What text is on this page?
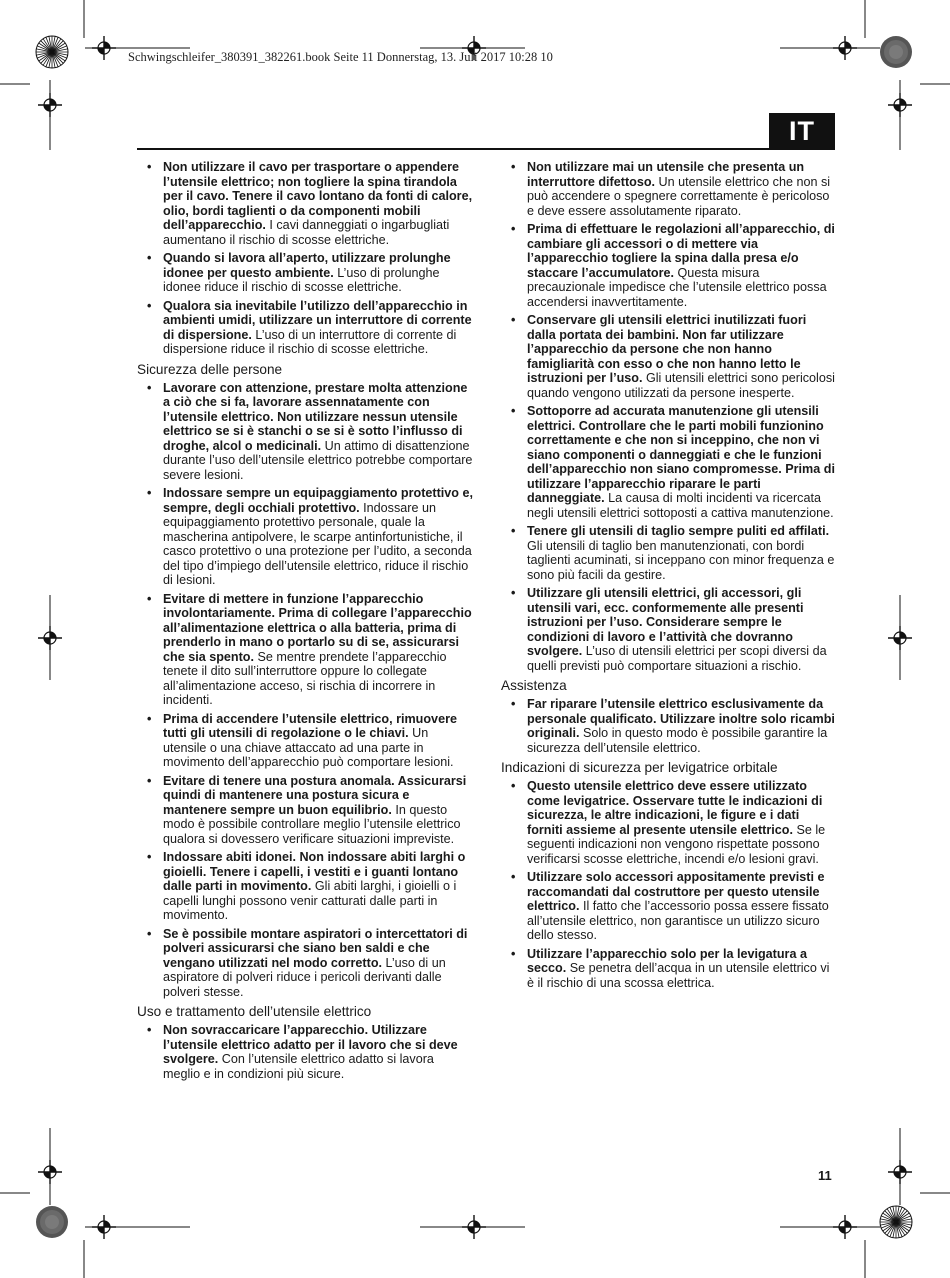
Schwingschleifer_380391_382261.book Seite 11 Donnerstag, 13. Juli 2017 10:28 10
IT
• Non utilizzare il cavo per trasportare o appendere l’utensile elettrico; non togliere la spina tirandola per il cavo. Tenere il cavo lontano da fonti di calore, olio, bordi taglienti o da componenti mobili dell’apparecchio. I cavi danneggiati o ingarbugliati aumentano il rischio di scosse elettriche.
• Quando si lavora all’aperto, utilizzare prolunghe idonee per questo ambiente. L’uso di prolunghe idonee riduce il rischio di scosse elettriche.
• Qualora sia inevitabile l’utilizzo dell’apparecchio in ambienti umidi, utilizzare un interruttore di corrente di dispersione. L’uso di un interruttore di corrente di dispersione riduce il rischio di scosse elettriche.
Sicurezza delle persone
• Lavorare con attenzione, prestare molta attenzione a ciò che si fa, lavorare assennatamente con l’utensile elettrico. Non utilizzare nessun utensile elettrico se si è stanchi o se si è sotto l’influsso di droghe, alcol o medicinali. Un attimo di disattenzione durante l’uso dell’utensile elettrico potrebbe comportare severe lesioni.
• Indossare sempre un equipaggiamento protettivo e, sempre, degli occhiali protettivo. Indossare un equipaggiamento protettivo personale, quale la mascherina antipolvere, le scarpe antinfortunistiche, il casco protettivo o una protezione per l’udito, a seconda del tipo d’impiego dell’utensile elettrico, riduce il rischio di lesioni.
• Evitare di mettere in funzione l’apparecchio involontariamente. Prima di collegare l’apparecchio all’alimentazione elettrica o alla batteria, prima di prenderlo in mano o portarlo su di se, assicurarsi che sia spento. Se mentre prendete l’apparecchio tenete il dito sull’interruttore oppure lo collegate all’alimentazione acceso, si rischia di incorrere in incidenti.
• Prima di accendere l’utensile elettrico, rimuovere tutti gli utensili di regolazione o le chiavi. Un utensile o una chiave attaccato ad una parte in movimento dell’apparecchio può comportare lesioni.
• Evitare di tenere una postura anomala. Assicurarsi quindi di mantenere una postura sicura e mantenere sempre un buon equilibrio. In questo modo è possibile controllare meglio l’utensile elettrico qualora si dovessero verificare situazioni impreviste.
• Indossare abiti idonei. Non indossare abiti larghi o gioielli. Tenere i capelli, i vestiti e i guanti lontano dalle parti in movimento. Gli abiti larghi, i gioielli o i capelli lunghi possono venir catturati dalle parti in movimento.
• Se è possibile montare aspiratori o intercettatori di polveri assicurarsi che siano ben saldi e che vengano utilizzati nel modo corretto. L’uso di un aspiratore di polveri riduce i pericoli derivanti dalle polveri stesse.
Uso e trattamento dell’utensile elettrico
• Non sovraccaricare l’apparecchio. Utilizzare l’utensile elettrico adatto per il lavoro che si deve svolgere. Con l’utensile elettrico adatto si lavora meglio e in condizioni più sicure.
• Non utilizzare mai un utensile che presenta un interruttore difettoso. Un utensile elettrico che non si può accendere o spegnere correttamente è pericoloso e deve essere assolutamente riparato.
• Prima di effettuare le regolazioni all’apparecchio, di cambiare gli accessori o di mettere via l’apparecchio togliere la spina dalla presa e/o staccare l’accumulatore. Questa misura precauzionale impedisce che l’utensile elettrico possa accendersi inavvertitamente.
• Conservare gli utensili elettrici inutilizzati fuori dalla portata dei bambini. Non far utilizzare l’apparecchio da persone che non hanno famigliarità con esso o che non hanno letto le istruzioni per l’uso. Gli utensili elettrici sono pericolosi quando vengono utilizzati da persone inesperte.
• Sottoporre ad accurata manutenzione gli utensili elettrici. Controllare che le parti mobili funzionino correttamente e che non si inceppino, che non vi siano componenti o danneggiati e che le funzioni dell’apparecchio non siano compromesse. Prima di utilizzare l’apparecchio riparare le parti danneggiate. La causa di molti incidenti va ricercata negli utensili elettrici sottoposti a cattiva manutenzione.
• Tenere gli utensili di taglio sempre puliti ed affilati. Gli utensili di taglio ben manutenzionati, con bordi taglienti acuminati, si inceppano con minor frequenza e sono più facili da gestire.
• Utilizzare gli utensili elettrici, gli accessori, gli utensili vari, ecc. conformemente alle presenti istruzioni per l’uso. Considerare sempre le condizioni di lavoro e l’attività che dovranno svolgere. L’uso di utensili elettrici per scopi diversi da quelli previsti può comportare situazioni a rischio.
Assistenza
• Far riparare l’utensile elettrico esclusivamente da personale qualificato. Utilizzare inoltre solo ricambi originali. Solo in questo modo è possibile garantire la sicurezza dell’utensile elettrico.
Indicazioni di sicurezza per levigatrice orbitale
• Questo utensile elettrico deve essere utilizzato come levigatrice. Osservare tutte le indicazioni di sicurezza, le altre indicazioni, le figure e i dati forniti assieme al presente utensile elettrico. Se le seguenti indicazioni non vengono rispettate possono verificarsi scosse elettriche, incendi e/o lesioni gravi.
• Utilizzare solo accessori appositamente previsti e raccomandati dal costruttore per questo utensile elettrico. Il fatto che l’accessorio possa essere fissato all’utensile elettrico, non garantisce un utilizzo sicuro dello stesso.
• Utilizzare l’apparecchio solo per la levigatura a secco. Se penetra dell’acqua in un utensile elettrico vi è il rischio di una scossa elettrica.
11
